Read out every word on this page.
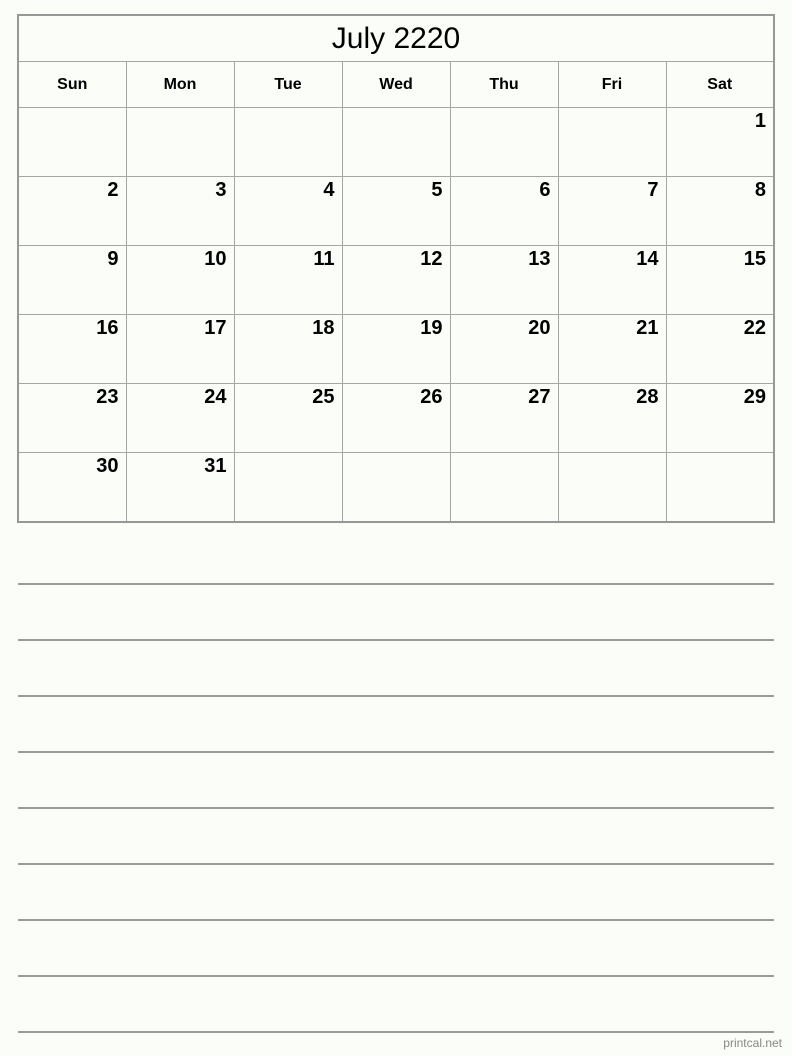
July 2220						
Sun	Mon	Tue	Wed	Thu	Fri	Sat
						1
2	3	4	5	6	7	8
9	10	11	12	13	14	15
16	17	18	19	20	21	22
23	24	25	26	27	28	29
30	31					
printcal.net
